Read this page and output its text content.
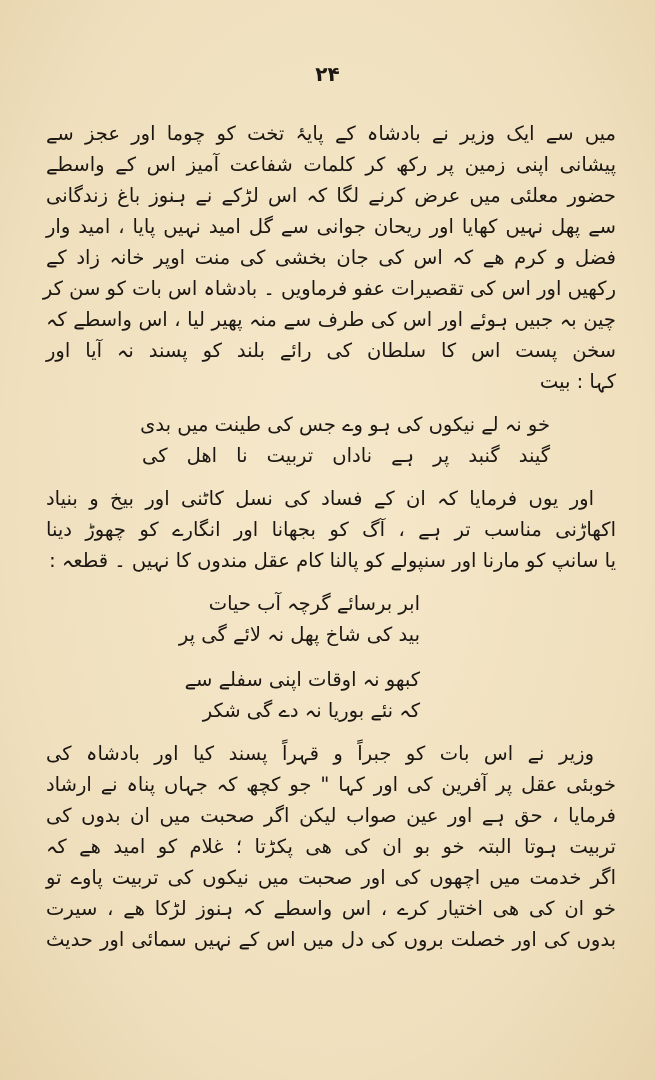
۲۴
میں سے ایک وزیر نے بادشاہ کے پایۂ تخت کو چوما اور عجز سے
پیشانی اپنی زمین پر رکھ کر کلمات شفاعت آمیز اس کے واسطے
حضور معلئی میں عرض کرنے لگا کہ اس لڑکے نے ہنوز باغ زندگانی
سے پھل نہیں کھایا اور ریحان جوانی سے گل امید نہیں پایا ، امید وار
فضل و کرم ھے کہ اس کی جان بخشی کی منت اوپر خانہ زاد کے
رکھیں اور اس کی تقصیرات عفو فرماویں ۔ بادشاہ اس بات کو سن کر
چین بہ جبیں ہوئے اور اس کی طرف سے منہ پھیر لیا ، اس واسطے کہ
سخن پست اس کا سلطان کی رائے بلند کو پسند نہ آیا اور
کہا : بیت
خو نہ لے نیکوں کی ہو وے جس کی طینت میں بدی
گیند گنبد پر ہے ناداں تربیت نا اھل کی
اور یوں فرمایا کہ ان کے فساد کی نسل کاٹنی اور بیخ و بنیاد
اکھاڑنی مناسب تر ہے ، آگ کو بجھانا اور انگارے کو چھوڑ دینا
یا سانپ کو مارنا اور سنپولے کو پالنا کام عقل مندوں کا نہیں ۔ قطعہ :
ابر برسائے گرچہ آب حیات
بید کی شاخ پھل نہ لائے گی پر
کبھو نہ اوقات اپنی سفلے سے
کہ نئے بوریا نہ دے گی شکر
وزیر نے اس بات کو جبراً و قہراً پسند کیا اور بادشاہ کی
خوبئی عقل پر آفرین کی اور کہا " جو کچھ کہ جہاں پناہ نے ارشاد
فرمایا ، حق ہے اور عین صواب لیکن اگر صحبت میں ان بدوں کی
تربیت ہوتا البتہ خو بو ان کی ھی پکڑتا ؛ غلام کو امید ھے کہ
اگر خدمت میں اچھوں کی اور صحبت میں نیکوں کی تربیت پاوے تو
خو ان کی ھی اختیار کرے ، اس واسطے کہ ہنوز لڑکا ھے ، سیرت
بدوں کی اور خصلت بروں کی دل میں اس کے نہیں سمائی اور حدیث
